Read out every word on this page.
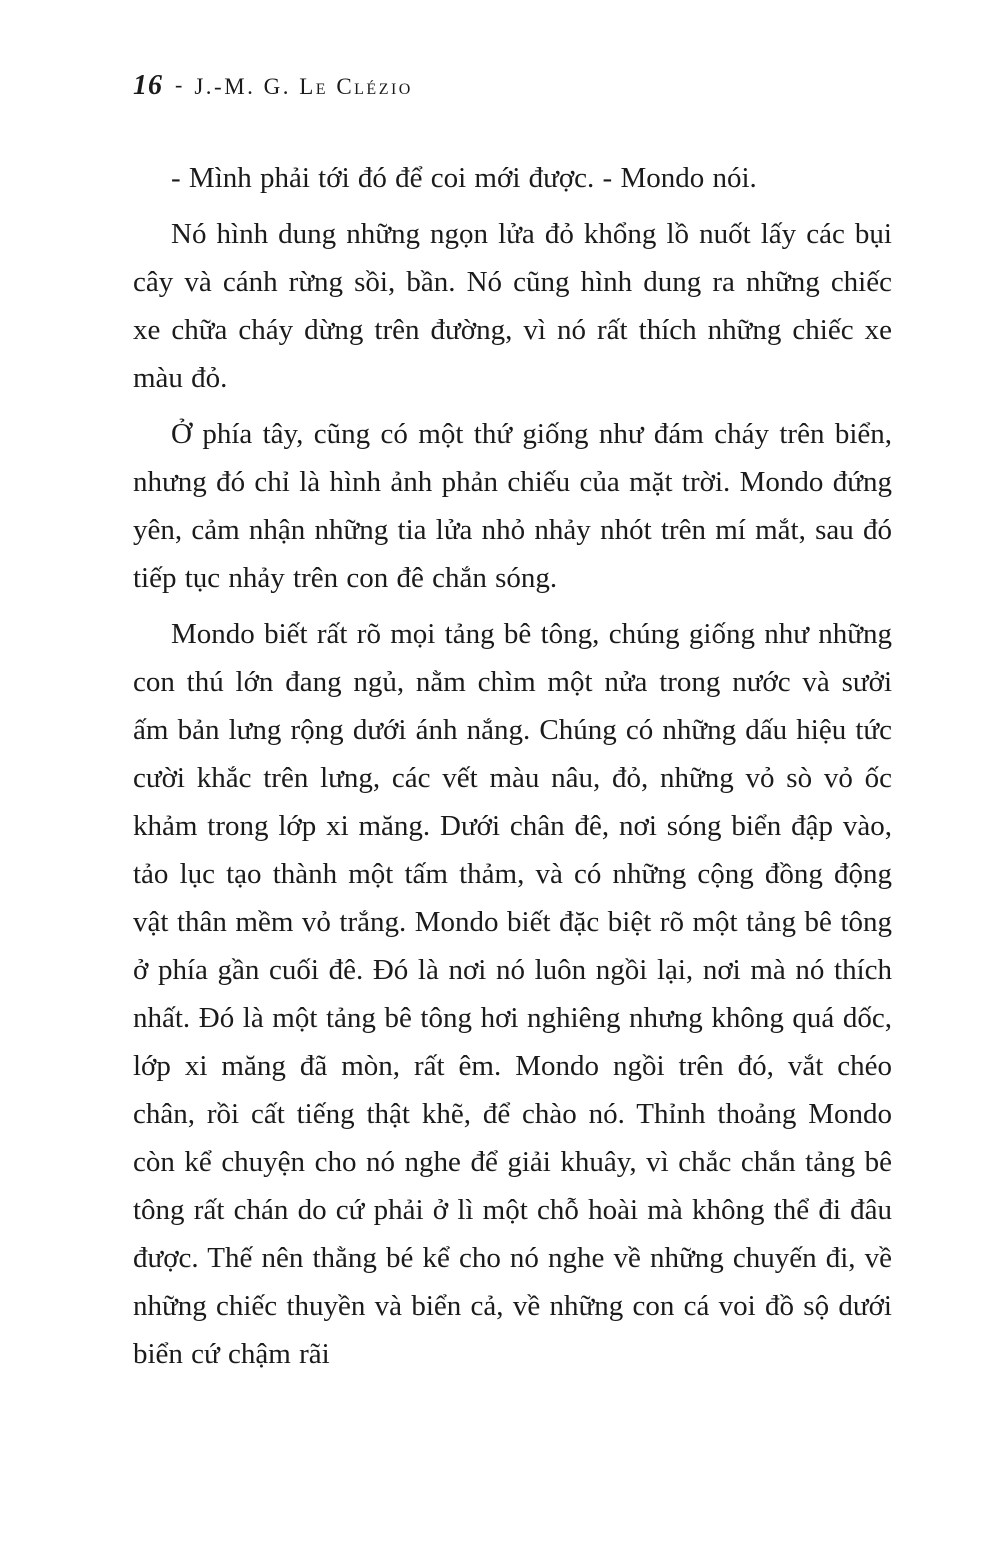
16 - J.-M. G. Le Clézio

- Mình phải tới đó để coi mới được. - Mondo nói.

Nó hình dung những ngọn lửa đỏ khổng lồ nuốt lấy các bụi cây và cánh rừng sồi, bần. Nó cũng hình dung ra những chiếc xe chữa cháy dừng trên đường, vì nó rất thích những chiếc xe màu đỏ.

Ở phía tây, cũng có một thứ giống như đám cháy trên biển, nhưng đó chỉ là hình ảnh phản chiếu của mặt trời. Mondo đứng yên, cảm nhận những tia lửa nhỏ nhảy nhót trên mí mắt, sau đó tiếp tục nhảy trên con đê chắn sóng.

Mondo biết rất rõ mọi tảng bê tông, chúng giống như những con thú lớn đang ngủ, nằm chìm một nửa trong nước và sưởi ấm bản lưng rộng dưới ánh nắng. Chúng có những dấu hiệu tức cười khắc trên lưng, các vết màu nâu, đỏ, những vỏ sò vỏ ốc khảm trong lớp xi măng. Dưới chân đê, nơi sóng biển đập vào, tảo lục tạo thành một tấm thảm, và có những cộng đồng động vật thân mềm vỏ trắng. Mondo biết đặc biệt rõ một tảng bê tông ở phía gần cuối đê. Đó là nơi nó luôn ngồi lại, nơi mà nó thích nhất. Đó là một tảng bê tông hơi nghiêng nhưng không quá dốc, lớp xi măng đã mòn, rất êm. Mondo ngồi trên đó, vắt chéo chân, rồi cất tiếng thật khẽ, để chào nó. Thỉnh thoảng Mondo còn kể chuyện cho nó nghe để giải khuây, vì chắc chắn tảng bê tông rất chán do cứ phải ở lì một chỗ hoài mà không thể đi đâu được. Thế nên thằng bé kể cho nó nghe về những chuyến đi, về những chiếc thuyền và biển cả, về những con cá voi đồ sộ dưới biển cứ chậm rãi
